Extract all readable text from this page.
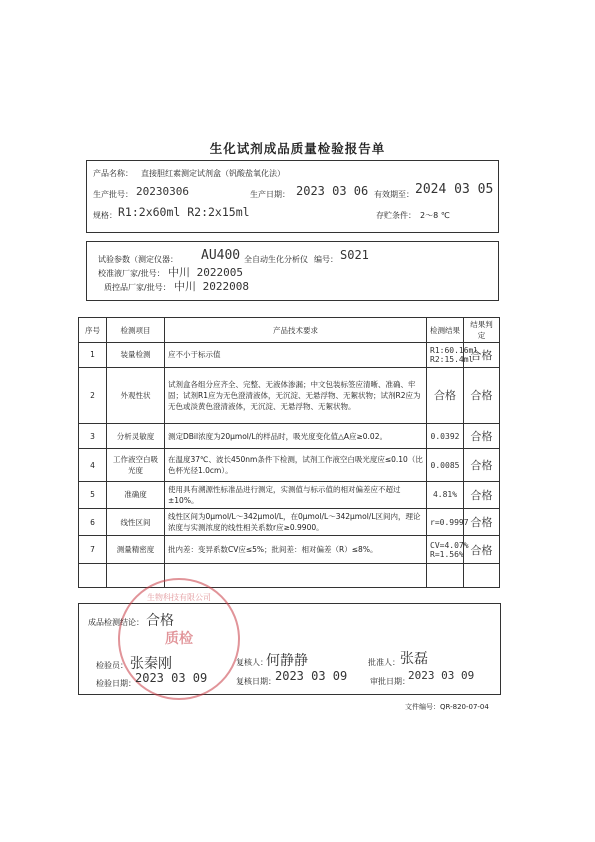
生化试剂成品质量检验报告单
产品名称： 直接胆红素测定试剂盒（钒酸盐氧化法）
生产批号： 20230306	生产日期： 2023 03 06 有效期至： 2024 03 05
规格： R1:2x60ml R2:2x15ml	存贮条件： 2～8 ℃
试验参数（测定仪器： AU400 全自动生化分析仪 编号： S021
校准液厂家/批号： 中川 2022005
质控品厂家/批号： 中川 2022008
序号	检测项目	产品技术要求	检测结果	结果判定
1	装量检测	应不小于标示值	R1:60.16ml R2:15.4ml	合格
2	外观性状	试剂盒各组分应齐全、完整、无液体渗漏；中文包装标签应清晰、准确、牢固；试剂R1应为无色澄清液体，无沉淀、无悬浮物、无絮状物；试剂R2应为无色或淡黄色澄清液体，无沉淀、无悬浮物、无絮状物。	合格	合格
3	分析灵敏度	测定DBil浓度为20μmol/L的样品时，吸光度变化值△A应≥0.02。	0.0392	合格
4	工作液空白吸光度	在温度37℃、波长450nm条件下检测，试剂工作液空白吸光度应≤0.10（比色杯光径1.0cm）。	0.0085	合格
5	准确度	使用具有溯源性标准品进行测定，实测值与标示值的相对偏差应不超过±10%。	4.81%	合格
6	线性区间	线性区间为0μmol/L～342μmol/L，在0μmol/L～342μmol/L区间内，理论浓度与实测浓度的线性相关系数r应≥0.9900。	r=0.9997	合格
7	测量精密度	批内差：变异系数CV应≤5%；批间差：相对偏差（R）≤8%。	CV=4.07% R=1.56%	合格

生物科技有限公司
质检
成品检测结论： 合格
检验员： 张秦刚	复核人：
何静静	批准人： 张磊
检验日期： 2023 03 09	复核日期： 2023 03 09	审批日期：
2023 03 09
文件编号：QR-820-07-04
